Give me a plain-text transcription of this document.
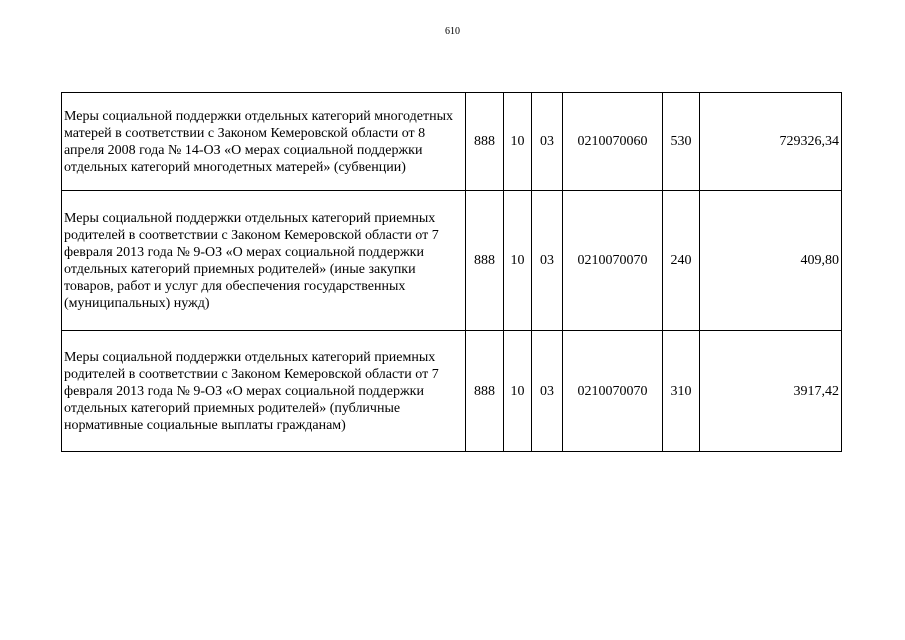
610
Меры социальной поддержки отдельных категорий многодетных матерей в соответствии с Законом Кемеровской области от 8 апреля 2008 года № 14-ОЗ «О мерах социальной поддержки отдельных категорий многодетных матерей» (субвенции)	888	10	03	0210070060	530	729326,34
Меры социальной поддержки отдельных категорий приемных родителей в соответствии с Законом Кемеровской области от 7 февраля 2013 года № 9-ОЗ «О мерах социальной поддержки отдельных категорий приемных родителей» (иные закупки товаров, работ и услуг для обеспечения государственных (муниципальных) нужд)	888	10	03	0210070070	240	409,80
Меры социальной поддержки отдельных категорий приемных родителей в соответствии с Законом Кемеровской области от 7 февраля 2013 года № 9-ОЗ «О мерах социальной поддержки отдельных категорий приемных родителей» (публичные нормативные социальные выплаты гражданам)	888	10	03	0210070070	310	3917,42
